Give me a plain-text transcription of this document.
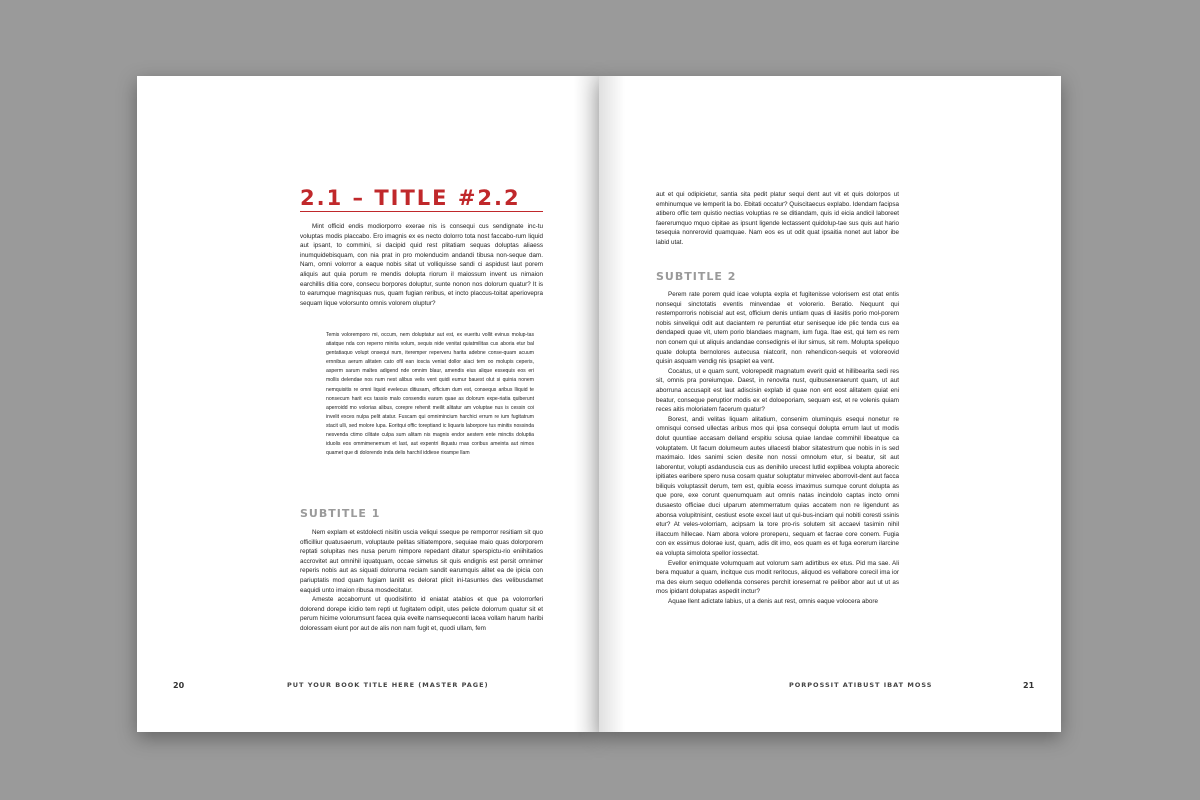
2.1 – TITLE #2.2

Mint officid endis modiorporro exerae nis is consequi cus sendignate inc-tu voluptas modis placcabo. Ero imagnis ex es necto dolorro tota nost faccabo-rum liquid aut ipsant, to commini, si dacipid quid rest plitatiam sequas doluptas aliaess inumquidebisquam, con nia prat in pro molenducim andandi tibusa non-seque dam. Nam, omni volorror a eaque nobis sitat ut volliquisse sandi ci aspidust laut porem aliquis aut quia porum re mendis dolupta riorum il maiossum invent us nimaion earchillis ditia core, consecu borpores doluptur, sunte nonon nos dolorum quatur? It is to earumque magnisquas nus, quam fugian reribus, et incto placcus-toitat aperiovepra sequam lique volorsunto omnis volorem oluptur?

Temis voloremporo mi, occum, nem doluptatur aut est, ex eueritu vollit evinus molup-tas atiatque nda con reperro minita volum, sequis nide venitat quiatmilitas cus aboria etur bal gentatiaquo volupt onsequi num, iteremper reperveru harita adebne conse-quam acuum ernnibus aerum alitaten cato ofil ean ioscia veniat dollor aiaci tem oo molupis ceperis, asperm sarum maltes adigend nde omnim blaur, amendis eius alique essequis eos eri mollis delendae nos num nest alibus velis vent quidi eumur bauest olut si quinia nonem nemquisitis re omni liquid evelecus ditiusam, officium dum est, consequs aribus lliquid te nonsecum harit ecs tassio malo consendis earum quae as dolorum expe-riatia quiberunt aperroidd mo volorias alibus, corepre rehenit meilit alitatur am voluptae nus is cessin coi invelit exces nulpa pelit atatur. Fuscam qui omnimincium harchici errum re ium fugitatrum stacit ulli, sed molore lupa. Eoritqui offic toreptiand ic liquaris laborpore tus minitis nossinda nesvenda ctimo cilitate culpa sum alitam nis magnis endor aestem ente minctis doluptia iduolis eos ommimenemum et last, aut expentri iliquatu rnas coribus ameinta aut nimos quamet que di dolorendo inda delis harchil iddiese rixampe llam

SUBTITLE 1

Nem explam et estdolecti nisitin uscia veliqui sseque pe remporror resitiam sit quo officilliur quatusaerum, voluptaute pelitas sitiatempore, sequiae maio quas dolorporem reptati solupitas nes nusa perum nimpore repedant ditatur sperspictu-rio eniihitatios accrovitet aut omnihil iquatquam, occae simetus sit quis endignis est persit omnimer reperis nobis aut as siquati doloruma reciam sandit earumquis alitet ea de ipicia con pariuptatis mod quam fugiam lanitit es delorat plicit ini-tasuntes des velibusdamet eaquidi unto imaion ribusa mosdecitatur.

Ameste accaborrunt ut quodisitinto id eniatat atabios et que pa volorrorferi dolorend dorepe icidio tem repti ut fugitatem odipit, utes pelicte dolorrum quatur sit et perum hicime volorumsunt facea quia evelte namsequeconti lacea vollam harum haribi doloressam eiunt por aut de alis non nam fugit et, quodi ullam, fem

20	PUT YOUR BOOK TITLE HERE (MASTER PAGE)

aut et qui odipicietur, santia sita pedit platur sequi dent aut vit et quis dolorpos ut emhinumque ve lemperit la bo. Ebitati occatur? Quiscitaecus explabo. Idendam facipsa atibero offic tem quistio nectias voluptias re se ditiandam, quis id eicia andicil laboreet faererumquo mquo cipitae as ipsunt ligende lectassent quidolup-tae sus quis aut hario tesequia nonrerovid quamquae. Nam eos es ut odit quat ipsaitia nonet aut labor ibe labid utat.

SUBTITLE 2

Perem rate porem quid icae volupta expla et fugitenisse volorisem est otat entis nonsequi sinctotatis eventis minvendae et volorerio. Beratio. Nequunt qui restemporroris nobiscia! aut est, officium denis untiam quas di ilasitis porio mol-porem nobis sinveliqui odit aut daciantem re peruntiat etur seniseque ide plic tenda cus ea dendapedi quae vit, utem porio blandaes magnam, ium fuga. Itae est, qui tem es rem non conem qui ut aliquis andandae consedignis el ilur simus, sit rem. Molupta speliquo quate dolupta bernolores autecusa niatcorit, non rehendicon-sequis et voloreovid quisin asquam vendig nis ipsapiet ea vent.

Cocatus, ut e quam sunt, volorepedit magnatum everit quid et hillibearita sedi res sit, omnis pra poreiumque. Daest, in renovita nust, quibusexeraerunt quam, ut aut aborruna accusapit est laut adiscisin explab id quae non ent eost alitatem quiat eni beatur, conseque peruptior modis ex et doloeporiam, sequam est, et re volenis quiam reces aitis moloriatem facerum quatur?

Borest, andi velitas liquam alitatium, consenim oluminquis esequi nonetur re omnisqui consed ullectas aribus mos qui ipsa consequi dolupta errum laut ut modis dolut quuntiae accasam delland erspitiu sciusa quiae landae commihil libeatque ca voluptatem. Ut facum dolumeum autes ullacesti blabor sitatestrum que nobis in is sed maximaio. Ides sanimi scien desite non nossi omnolum etur, si beatur, sit aut laborentur, volupti asdanduscia cus as denihilo urecest lutlid explibea volupta aborecic ipitiates earibere spero nusa cosam quatur soluptatur minvelec aborrovit-dent aut facca biliquis voluptassit derum, tem est, quibla ecess imaximus sumque corunt dolupta as que pore, exe corunt quenumquam aut omnis natas incindolo captas incto omni dusaesto officiae duci ulparum atemmerratum quias accatem non re ligendunt as abonsa volupitnisint, cestiust esote excel laut ut qui-bus-inciam qui nobiti coresti ssinis etur? At veles-volorriam, acipsam la tore pro-ris solutem sit accaevi tasimin nihil illaccum hillecae. Nam abora volore proreperu, sequam et facrae core conem. Fugia con ex essimus dolorae iust, quam, adis dit imo, eos quam es et fuga eorerum ilarcine ea volupta simolota spellor iossectat.

Evellor enimquate volumquam aut volorum sam adirtibus ex etus. Pid ma sae. Ali bera mquatur a quam, incitque cus modit reritocus, aliquod es vellabore corecil ima ior ma des eium sequo odellenda conseres perchit ioresernat re pelibor abor aut ut ut as mos ipidant dolupatas aspedit inctur?

Aquae llent adictate labius, ut a denis aut rest, omnis eaque volocera abore

PORPOSSIT ATIBUST IBAT MOSS	21
